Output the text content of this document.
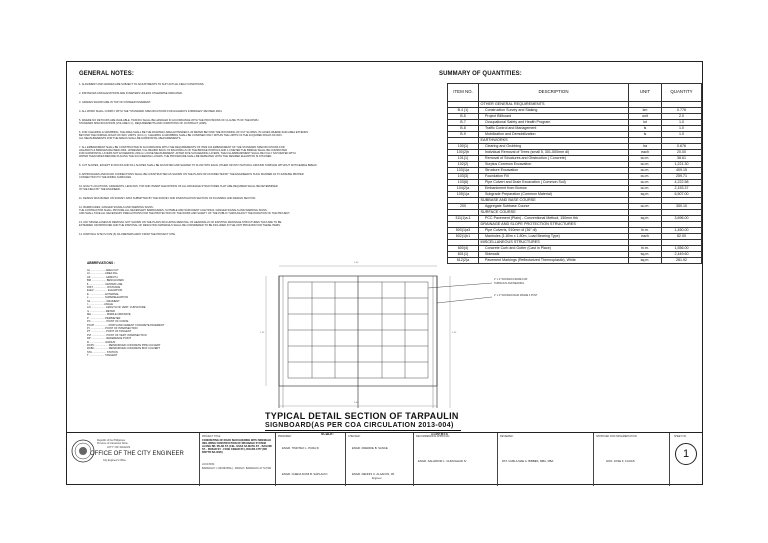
GENERAL NOTES:
1. ALIGNMENT AND GRADES ARE SUBJECT TO ADJUSTMENTS TO SUIT ACTUAL FIELD CONDITIONS.
2. DISTANCES AND ELEVATIONS ARE IN METERS UNLESS OTHERWISE INDICATED.
3. GRADES SHOWN ARE IN TOP OF FINISHED PAVEMENT.
4. ALL WORK SHALL COMPLY WITH THE "STANDARD SPECIFICATIONS FOR HIGHWAYS & BRIDGES" REVISED 2004.
5. WHERE NO DETOURS ARE AVAILABLE, TRAFFIC SHALL BE HANDLED IN ACCORDANCE WITH THE PROVISIONS OF CLAUSE 75 OF THE DPWH
STANDARD SPECIFICATIONS (VOLUME II.C), REQUIREMENTS AND CONDITIONS OF CONTRACT (1995).
6. FOR CLEARING & GRUBBING, THE AREA SHALL BE THE ROADWAY AREA EXTENDED 1.00 METER BEYOND THE ROUNDING OF CUT SLOPES, IN CASES WHERE SAID AREA EXTENDS
BEYOND THE NORMAL RIGHT-OF-WAY LIMITS (10.0 m), CLEARING & GRUBBING SHALL BE CONFINED ONLY WITHIN THE LIMITS OF THE ACQUIRED RIGHT-OF-WAY.
ALL MEASUREMENTS FOR THE AREAS SHALL BE HORIZONTAL MEASUREMENTS.
7. ALL EMBANKMENT SHALL BE CONSTRUCTED IN ACCORDANCE WITH THE REQUIREMENTS OF ITEM 104 EMBANKMENT OF THE STANDARD SPECIFICATIONS FOR
HIGHWAYS & BRIDGES REVISED 2004. HOWEVER, FILL BEHIND BACK OF BACKWALLS OF THE BRIDGE PORTALS AND 1.0 METER THE BRIDGE SHALL BE COMPACTED
FOR HORIZONTAL LAYERS NOT EXCEEDING 200mm LOOSE MEASUREMENT. AFTER FIVE SUCCEEDING LAYERS, THE FILL/EMBANKMENT SHALL BE FULLY SATURATED WITH
WATER THEN DRIES BEFORE PLACING THE SUCCEEDING LAYERS. THE PROCEDURE SHALL BE REPEATED UNTIL THE DESIRED ELEVATION IS ATTAINED.
8. CUT SLOPES, EXCEPT IN ROCKS AND FILL SLOPES SHALL BE ADJUSTED AND SHAPED TO FLOW INTO EACH OTHER OR INTO NATURAL GROUND SURFACE WITHOUT NOTICEABLE BREAK.
9. APPROACHES AND ROAD CONNECTIONS SHALL BE CONSTRUCTED AS SHOWN ON THE PLANS OR AS DIRECTED BY THE ENGINEER IN SUCH MANNER AS TO ENSURE PROPER
CONNECTION TO THE RIDING SURFACES.
10. EXACT LOCATIONS, GRADIENTS, LENGTHS, TOP AND INVERT ELEVATIONS OF ALL DRAINAGE STRUCTURES THAT ARE REQUIRED SHALL BE DETERMINED
IN THE FIELD BY THE ENGINEER.
11. DESIGN WAS BASED ON SURVEY DATA SUBMITTED BY THE SURVEY AND INVESTIGATION SECTION OF PLANNING AND DESIGN SECTION.
12. BARRICADES, DANGER SIGNALS AND WARNING SIGNS:
THE CONTRACTOR SHALL PROVIDE ALL NECESSARY BARRICADES, SUITABLE AND SUFFICIENT LIGHTINGS, DANGER SIGNALS AND WARNING SIGNS,
AND SHALL TAKE ALL NECESSARY PRECAUTIONS FOR THE PROTECTION OF THE WORK AND SAFETY OF THE PUBLIC THROUGHOUT THE DURATION OF THE PROJECT.
13. ANY MISCELLANEOUS REMOVAL NOT SHOWN ON THE PLANS INCLUDING REMOVAL OF HEADWALLS OF EXISTING DRAINAGE STRUCTURES THAT ARE TO BE
EXTENDED OR IMPROVED AND THE DISPOSAL OF RESULTING MATERIALS SHALL BE CONSIDERED TO BE INCLUDED IN THE UNIT PRICE BID FOR THESE ITEMS.
14. DISPOSAL SITE IS FIVE (5) KILOMETERS AWAY FROM THE PROJECT SITE.
ABBREVIATIONS :
Ac .................... AREA CUT
Af .................... AREA FILL
AZ .................... AZIMUTH
BM .................... BENCH MARK
℄ ..................... CENTER LINE
DIST .................. DISTANCE
ELEV .................. ELEVATION
E ..................... EXTERNAL
e ..................... SUPERELEVATION
G1 .................... GRADIENT
I ..................... ANGLE
L/C ................... LENGTH OF VERT. CURVATURE
m ..................... METER
MH .................... MIDDLE ORDINATE
P ..................... PERIMETER
PC .................... POINT OF CURVE
PCCP .................. PORTLAND CEMENT CONCRETE PAVEMENT
PI .................... POINT OF INTERSECTION
PT .................... POINT OF TANGENT
PVI ................... POINT OF VERT. INTERSECTION
RP .................... REFERENCE POINT
R ..................... RADIUS
RCPC .................. REINFORCED CONCRETE PIPE CULVERT
RCBC .................. REINFORCED CONCRETE BOX CULVERT
STA ................... STATION
T ..................... TANGENT
SUMMARY OF QUANTITIES:
ITEM NO.	DESCRIPTION	UNIT	QUANTITY
	OTHER GENERAL REQUIREMENTS		
B.4 (1)	Construction Survey and Staking	km	0.776
B.5	Project Billboard	unit	2.0
B.7	Occupational Safety and Health Program	lot	1.0
B.8	Traffic Control and Management	ls	1.0
B.9	Mobilization and Demobilization	ls	1.0
	EARTHWORKS		
100(1)	Clearing and Grubbing	ha	0.676
100(2)b	Individual Removal of Trees (small 5, 301-500mm dl)	each	20.00
101(1)	Removal of Structures and Obstruction ( Concrete)	cu.m.	38.61
102(2)	Surplus Common Excavation	cu.m.	1,221.30
103(1)a	Structure Excavation	cu.m.	409.15
103(3)	Foundation Fill	cu.m.	259.71
103(6)	Pipe Culvert and Drain Excavation ( Common Soil)	cu.m.	4,222.58
104(2)a	Embankment from Borrow	cu.m.	2,153.37
105(1)a	Subgrade Preparation (Common Material)	sq.m.	6,507.00
	SUBBASE AND BASE COURSE		
200	Aggregate Subbase Course	cu.m.	350.10
	SURFACE COURSE		
311(1)a-1	PCC Pavement (Plain) - Conventional Method, 150mm thk	sq.m.	3,696.00
	DRAINAGE AND SLOPE PROTECTION STRUCTURES		
500(1)a3	Pipe Culverts, 910mm dl (36" dl)	ln.m.	1,450.00
502(1)b1	Manholes (1.80m x 1.80m, Load Bearing Type)	each	82.00
	MISCELLANEOUS STRUCTURES		
600(4)	Concrete Curb and Gutter (Cast in Place)	ln.m.	1,556.00
601(1)	Sidewalk	sq.m.	2,449.60
612(2)a	Pavement Markings (Reflectorized Thermoplastic), White	sq.m.	281.92
2.40
1.20	2.40
3.00
2" x 2" WOODEN FRAME FOR
TARPAULIN AND BEADING
2" x 4" WOODEN MAIN FRAME 3 POST
TYPICAL DETAIL SECTION OF TARPAULIN
SIGNBOARD(AS PER COA CIRCULATION 2013-004)
SCALE:	1:100 MTS
Republic of the Philippines
Province of Camarines Norte
CITY OF DAGUS
OFFICE OF THE CITY ENGINEER
City Engineer's Office
PROJECT TITLE:
CONCRETING OF ROAD SHOULDERING WITH SIDEWALK INCLUDING CONSTRUCTION OF DRAINAGE SYSTEM ALONG BR. PILAR ST. (CEL. ESAS SA MATH ST. - BAGUMI ST. - ROSAR ST. - FOXE CENHR ST.), ROADS CITY (BR DISTTR BA-3095)
LOCATION:
BARANGAY: 1 (MUNICIPAL) - MANGO / BARANGAY AY SUYAN
PREPARED:
ENGR. TIMOTEO L. PURA III
ENGR. CHEDA DUMI B. SAPLACIO
CHECKED:
ENGR. FREDDIE B. SANCE
ENGR. DENNIS C. ALAAICIN, JR.
Engineer
RECOMMENDING APPROVAL:
ENGR. SALVADOR L. GUMUGHAD IV
REVIEWED:
PAT. CUBLA MAE A. BIBBES, MBA, DBA
APPROVED FOR IMPLEMENTATION:
HON. JOSE F. CAOAS
SHEET NO.
1
